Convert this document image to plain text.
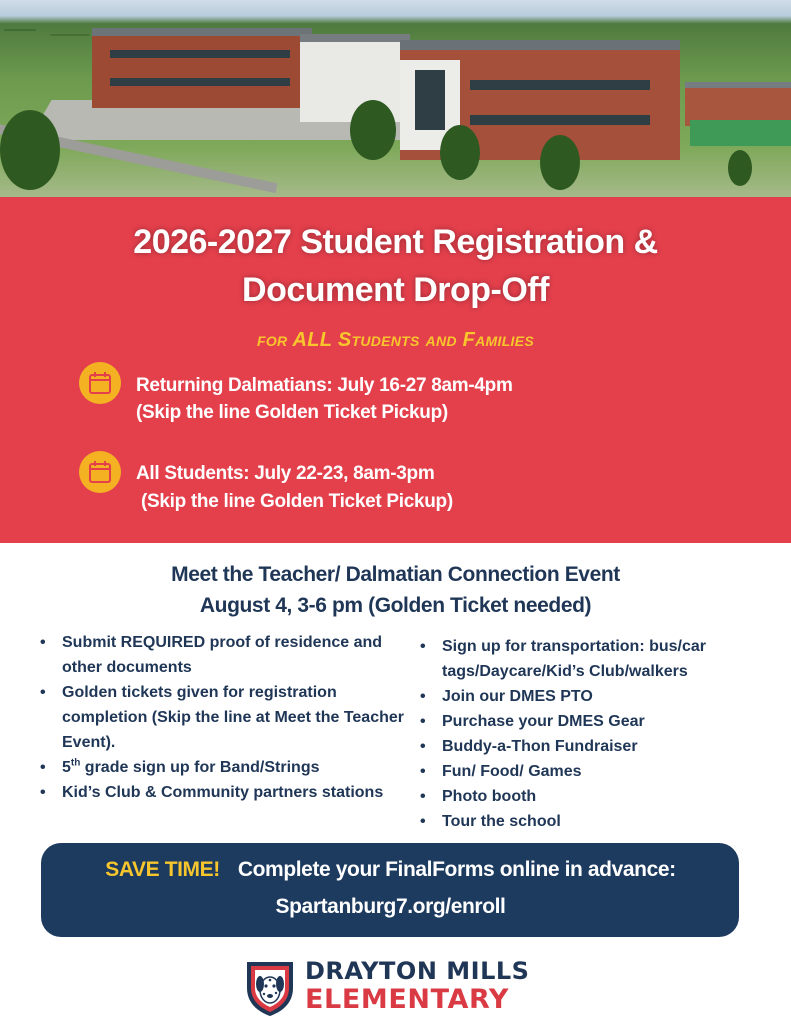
2026-2027 Student Registration &
Document Drop-Off
for ALL Students and Families
Returning Dalmatians: July 16-27 8am-4pm
(Skip the line Golden Ticket Pickup)
All Students: July 22-23, 8am-3pm
(Skip the line Golden Ticket Pickup)
Meet the Teacher/ Dalmatian Connection Event
August 4, 3-6 pm (Golden Ticket needed)
• Submit REQUIRED proof of residence and other documents
• Golden tickets given for registration completion (Skip the line at Meet the Teacher Event).
• 5th grade sign up for Band/Strings
• Kid’s Club & Community partners stations
• Sign up for transportation: bus/car tags/Daycare/Kid’s Club/walkers
• Join our DMES PTO
• Purchase your DMES Gear
• Buddy-a-Thon Fundraiser
• Fun/ Food/ Games
• Photo booth
• Tour the school
SAVE TIME! Complete your FinalForms online in advance:
Spartanburg7.org/enroll
DRAYTON MILLS
ELEMENTARY
